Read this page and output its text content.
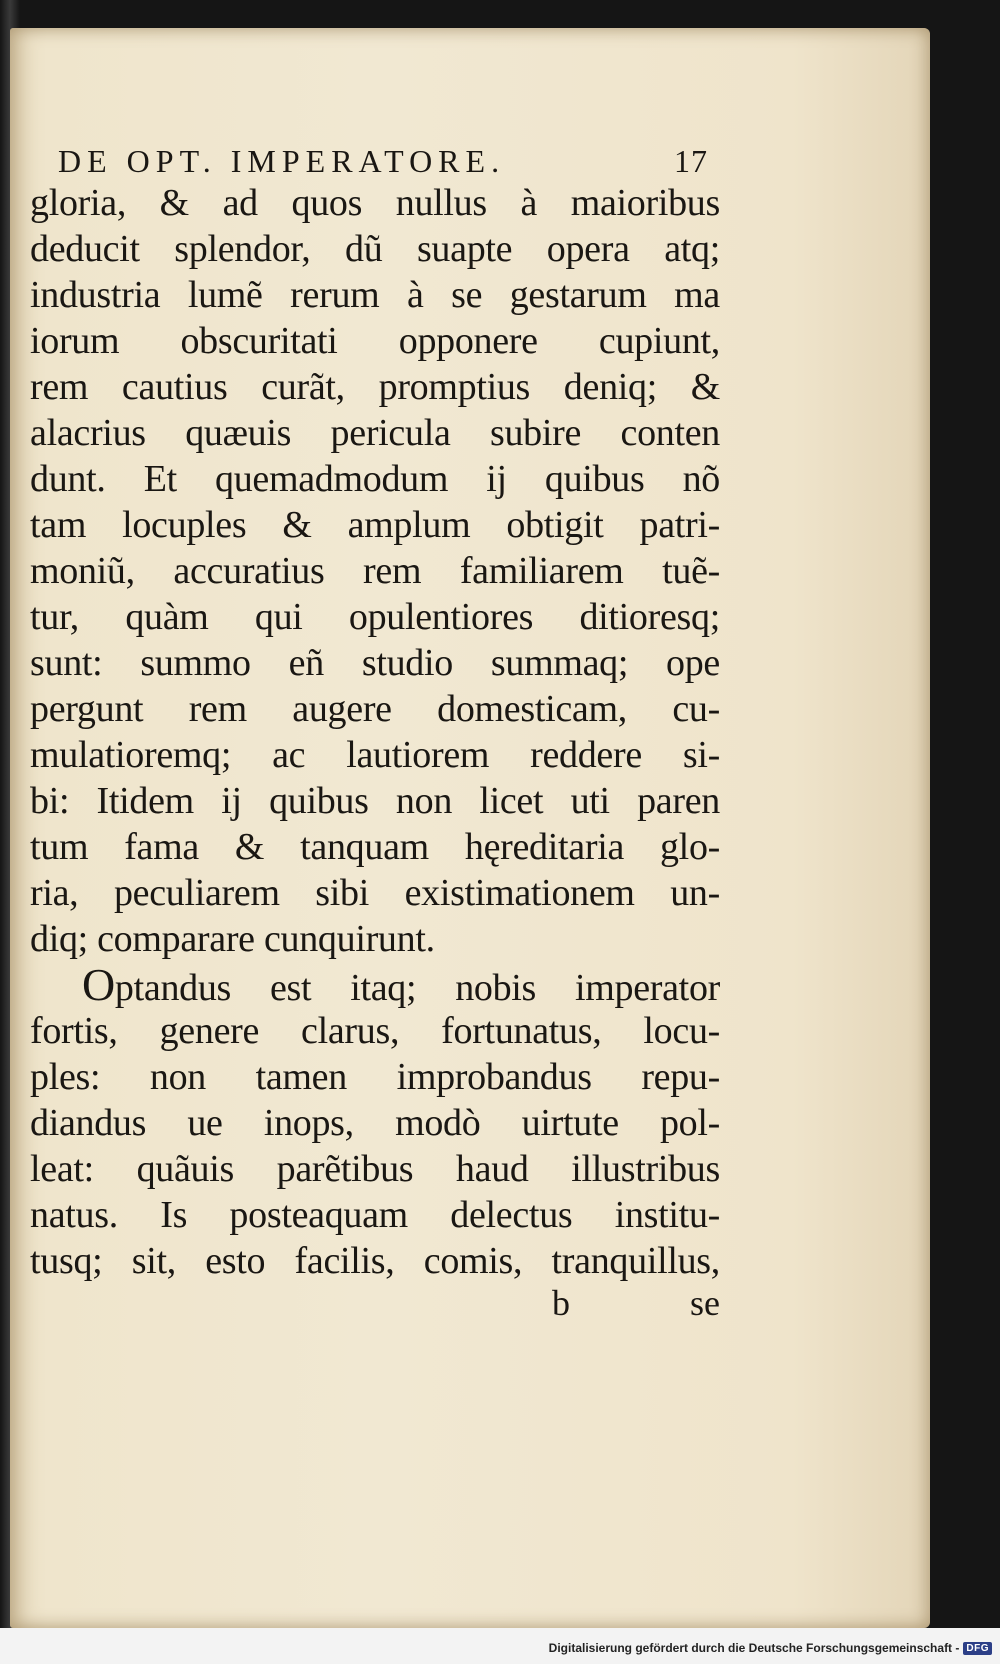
DE OPT. IMPERATORE.	17
gloria, & ad quos nullus à maioribus
deducit splendor, dũ suapte opera atq;
industria lumẽ rerum à se gestarum ma
iorum obscuritati opponere cupiunt,
rem cautius curãt, promptius deniq; &
alacrius quæuis pericula subire conten
dunt. Et quemadmodum ij quibus nõ
tam locuples & amplum obtigit patri-
moniũ, accuratius rem familiarem tuẽ-
tur, quàm qui opulentiores ditioresq;
sunt: summo eñ studio summaq; ope
pergunt rem augere domesticam, cu-
mulatioremq; ac lautiorem reddere si-
bi: Itidem ij quibus non licet uti paren
tum fama & tanquam hęreditaria glo-
ria, peculiarem sibi existimationem un-
diq; comparare cunquirunt.
Optandus est itaq; nobis imperator
fortis, genere clarus, fortunatus, locu-
ples: non tamen improbandus repu-
diandus ue inops, modò uirtute pol-
leat: quãuis parẽtibus haud illustribus
natus. Is posteaquam delectus institu-
tusq; sit, esto facilis, comis, tranquillus,
b	se
Digitalisierung gefördert durch die Deutsche Forschungsgemeinschaft - DFG
